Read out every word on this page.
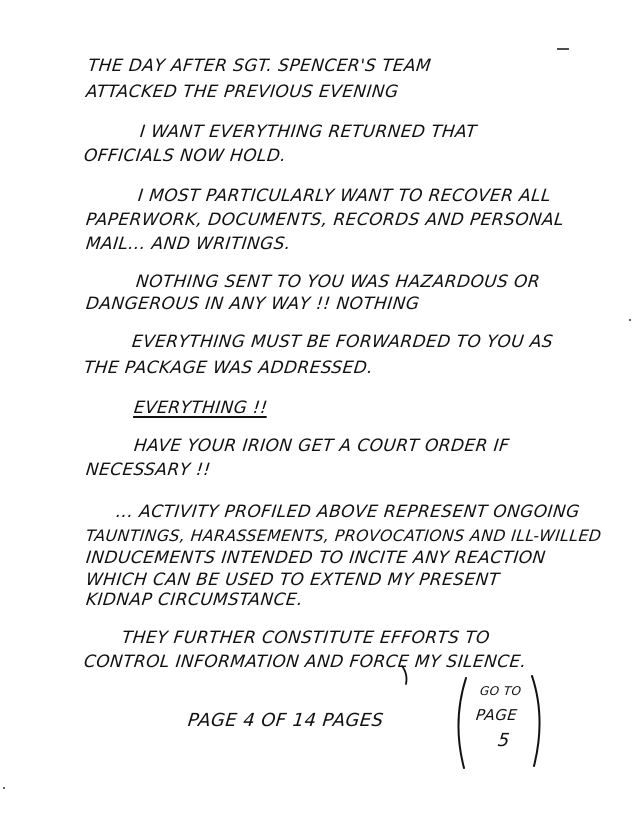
THE DAY AFTER SGT. SPENCER'S TEAM
ATTACKED THE PREVIOUS EVENING
I WANT EVERYTHING RETURNED THAT
OFFICIALS NOW HOLD.
I MOST PARTICULARLY WANT TO RECOVER ALL
PAPERWORK, DOCUMENTS, RECORDS AND PERSONAL
MAIL... AND WRITINGS.
NOTHING SENT TO YOU WAS HAZARDOUS OR
DANGEROUS IN ANY WAY !! NOTHING
EVERYTHING MUST BE FORWARDED TO YOU AS
THE PACKAGE WAS ADDRESSED.
EVERYTHING !!
HAVE YOUR IRION GET A COURT ORDER IF
NECESSARY !!
... ACTIVITY PROFILED ABOVE REPRESENT ONGOING
TAUNTINGS, HARASSEMENTS, PROVOCATIONS AND ILL-WILLED
INDUCEMENTS INTENDED TO INCITE ANY REACTION
WHICH CAN BE USED TO EXTEND MY PRESENT
KIDNAP CIRCUMSTANCE.
THEY FURTHER CONSTITUTE EFFORTS TO
CONTROL INFORMATION AND FORCE MY SILENCE.
PAGE 4 OF 14 PAGES
GO TO
PAGE
5
